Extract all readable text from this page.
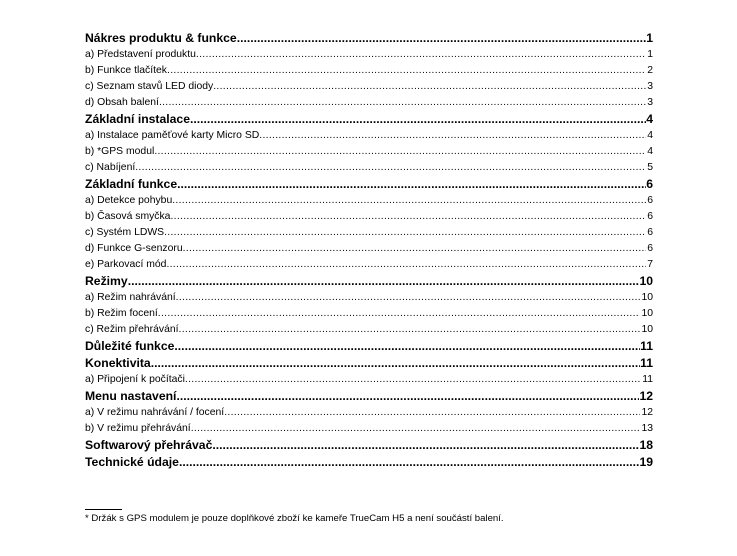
Nákres produktu & funkce .....	1
a) Představení produktu .....	1
b) Funkce tlačítek .....	2
c) Seznam stavů LED diody .....	3
d) Obsah balení .....	3
Základní instalace .....	4
a) Instalace paměťové karty Micro SD .....	4
b) *GPS modul .....	4
c) Nabíjení .....	5
Základní funkce .....	6
a) Detekce pohybu .....	6
b) Časová smyčka .....	6
c) Systém LDWS .....	6
d) Funkce G-senzoru .....	6
e) Parkovací mód .....	7
Režimy .....	10
a) Režim nahrávání .....	10
b) Režim focení .....	10
c) Režim přehrávání .....	10
Důležité funkce .....	11
Konektivita .....	11
a) Připojení k počítači .....	11
Menu nastavení .....	12
a) V režimu nahrávání / focení .....	12
b) V režimu přehrávání .....	13
Softwarový přehrávač .....	18
Technické údaje .....	19
* Držák s GPS modulem je pouze doplňkové zboží ke kameře TrueCam H5 a není součástí balení.
